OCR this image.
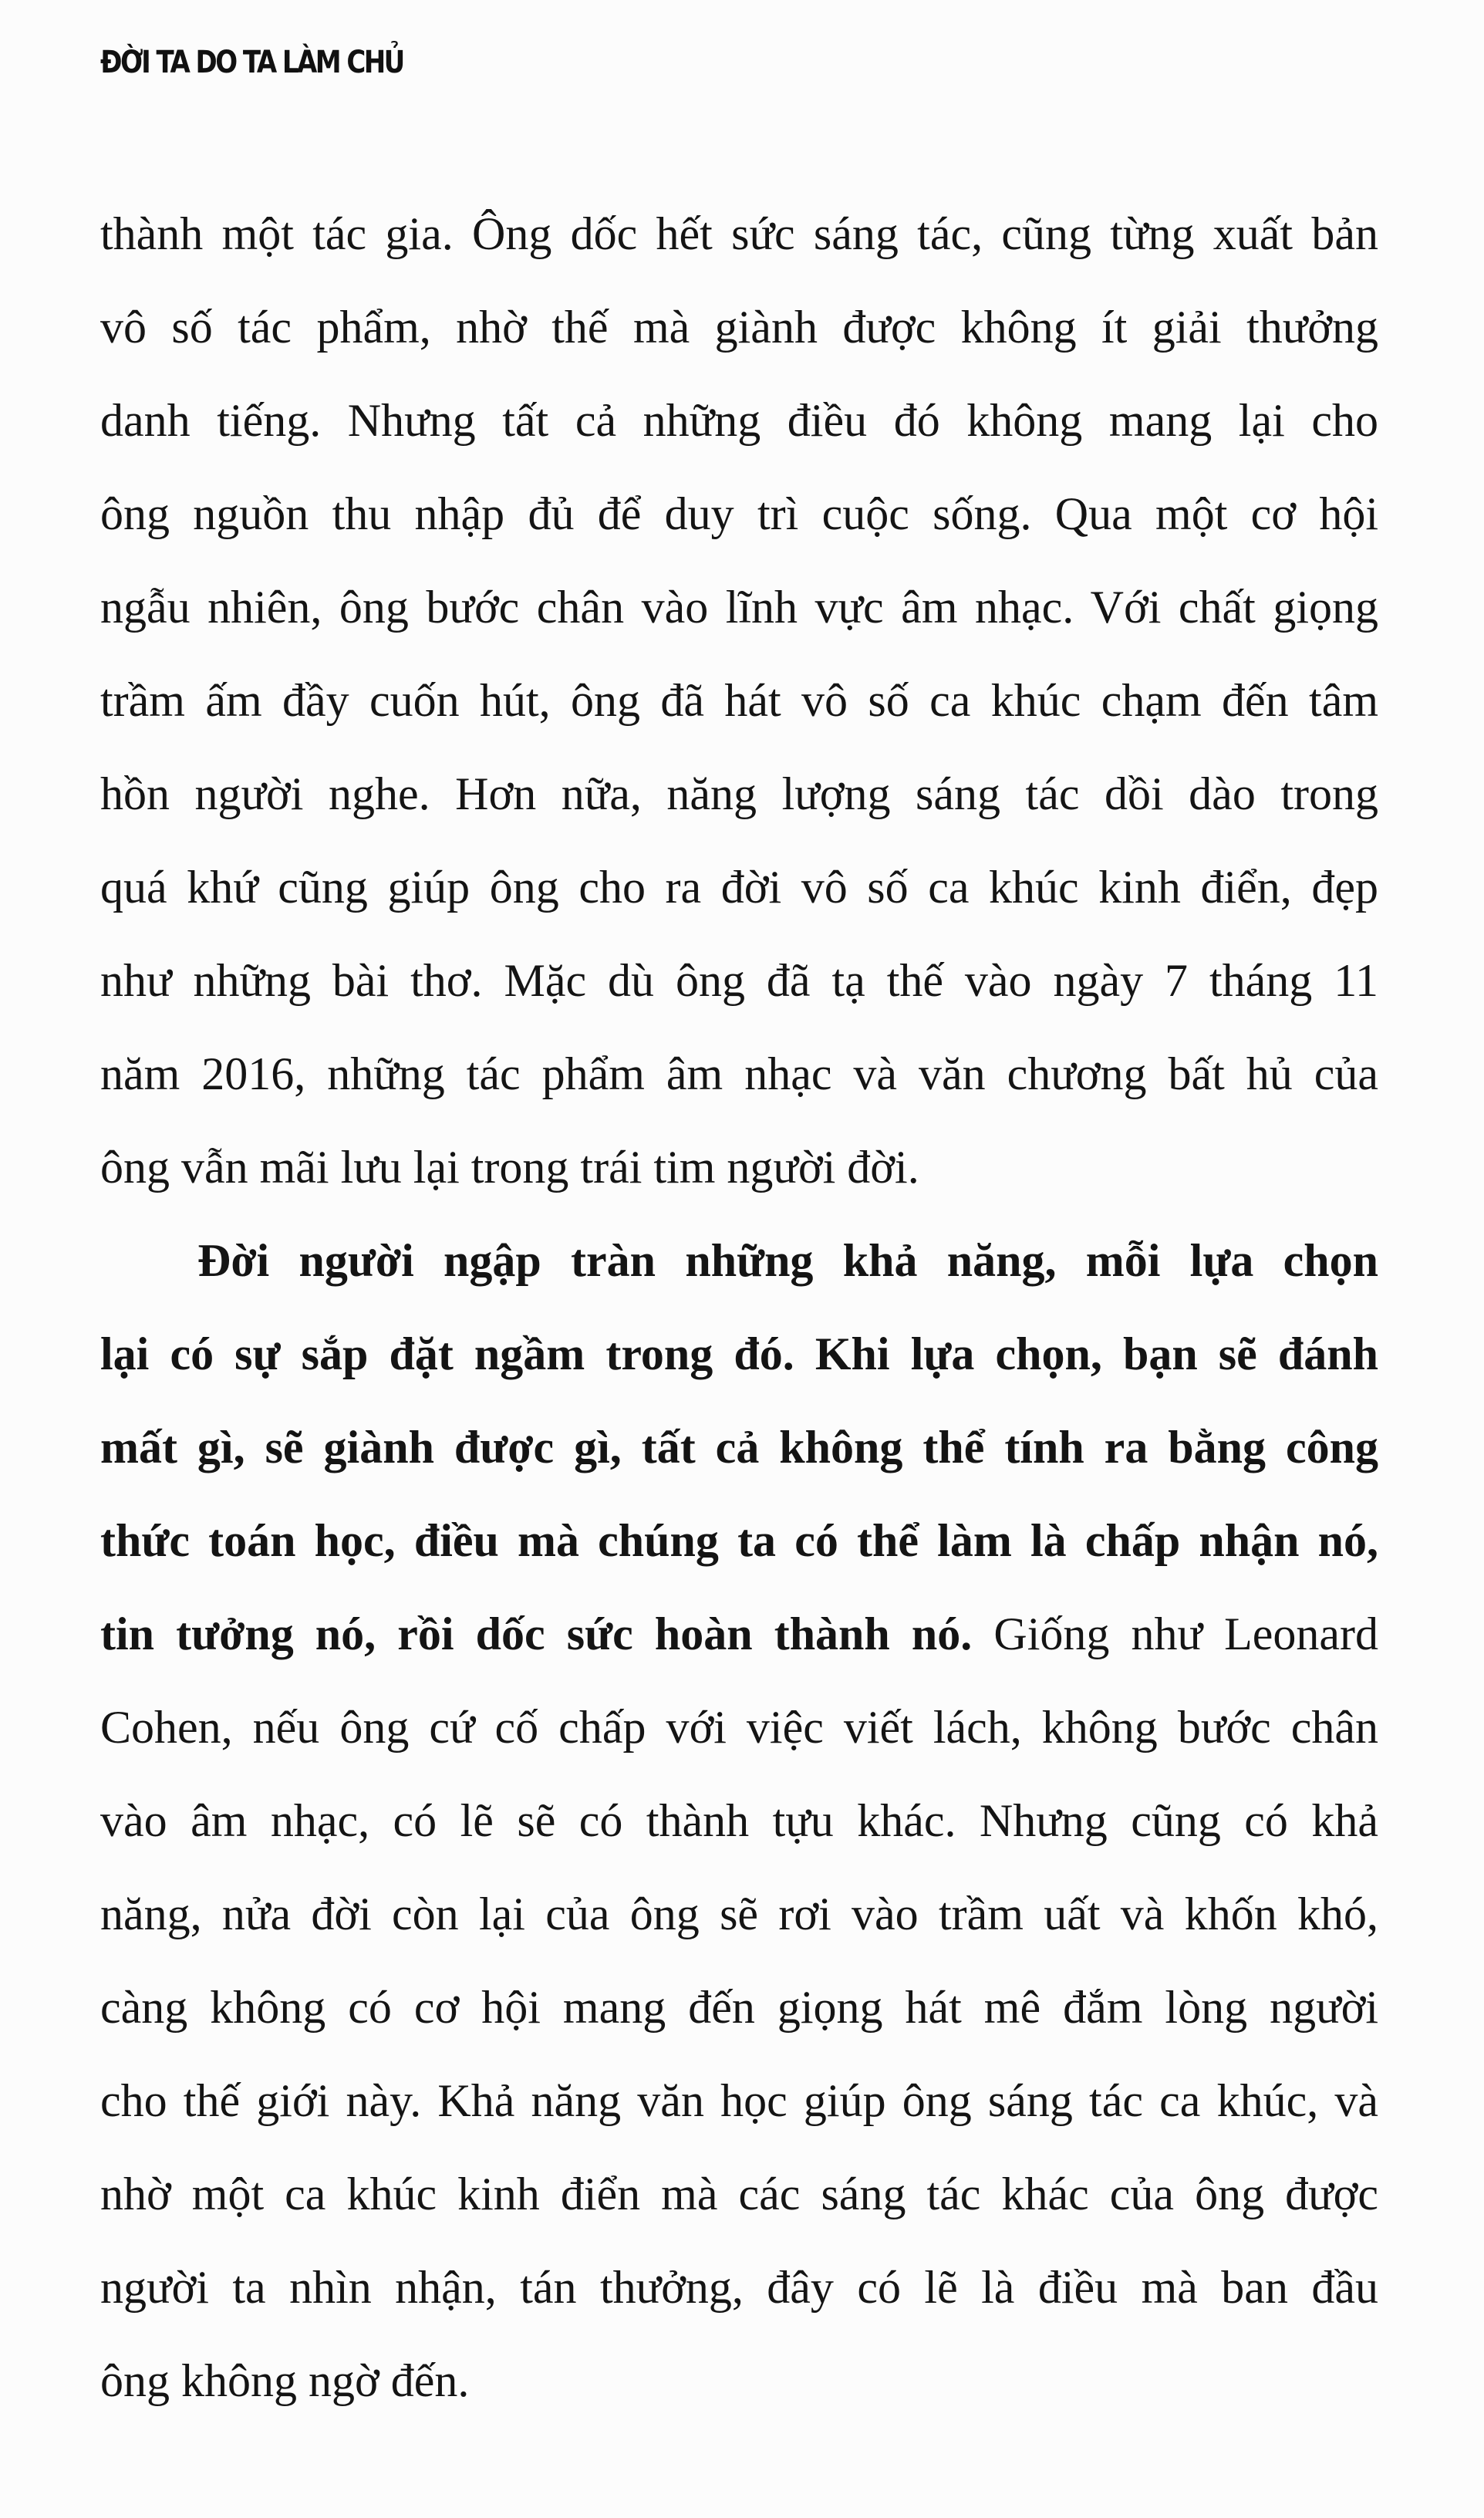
ĐỜI TA DO TA LÀM CHỦ
thành một tác gia. Ông dốc hết sức sáng tác, cũng từng xuất bản
vô số tác phẩm, nhờ thế mà giành được không ít giải thưởng
danh tiếng. Nhưng tất cả những điều đó không mang lại cho
ông nguồn thu nhập đủ để duy trì cuộc sống. Qua một cơ hội
ngẫu nhiên, ông bước chân vào lĩnh vực âm nhạc. Với chất giọng
trầm ấm đầy cuốn hút, ông đã hát vô số ca khúc chạm đến tâm
hồn người nghe. Hơn nữa, năng lượng sáng tác dồi dào trong
quá khứ cũng giúp ông cho ra đời vô số ca khúc kinh điển, đẹp
như những bài thơ. Mặc dù ông đã tạ thế vào ngày 7 tháng 11
năm 2016, những tác phẩm âm nhạc và văn chương bất hủ của
ông vẫn mãi lưu lại trong trái tim người đời.
Đời người ngập tràn những khả năng, mỗi lựa chọn
lại có sự sắp đặt ngầm trong đó. Khi lựa chọn, bạn sẽ đánh
mất gì, sẽ giành được gì, tất cả không thể tính ra bằng công
thức toán học, điều mà chúng ta có thể làm là chấp nhận nó,
tin tưởng nó, rồi dốc sức hoàn thành nó. Giống như Leonard
Cohen, nếu ông cứ cố chấp với việc viết lách, không bước chân
vào âm nhạc, có lẽ sẽ có thành tựu khác. Nhưng cũng có khả
năng, nửa đời còn lại của ông sẽ rơi vào trầm uất và khốn khó,
càng không có cơ hội mang đến giọng hát mê đắm lòng người
cho thế giới này. Khả năng văn học giúp ông sáng tác ca khúc, và
nhờ một ca khúc kinh điển mà các sáng tác khác của ông được
người ta nhìn nhận, tán thưởng, đây có lẽ là điều mà ban đầu
ông không ngờ đến.
